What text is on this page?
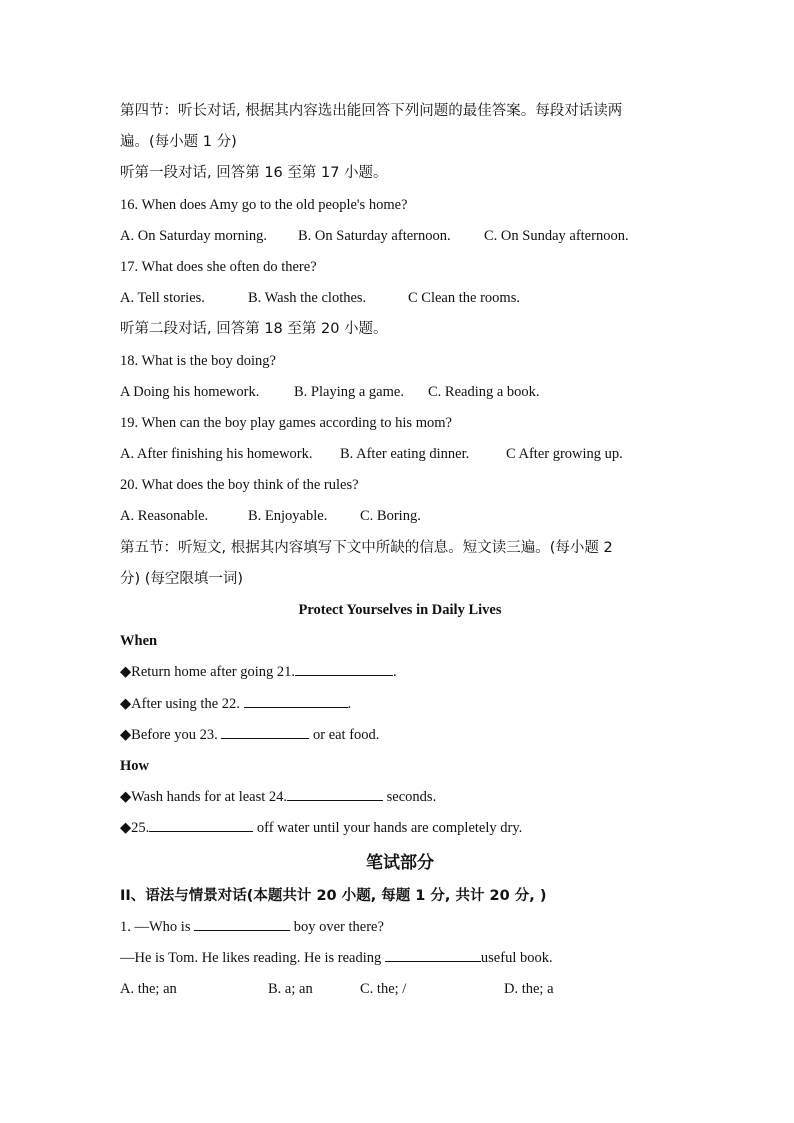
第四节：听长对话, 根据其内容选出能回答下列问题的最佳答案。每段对话读两
遍。(每小题 1 分)
听第一段对话, 回答第 16 至第 17 小题。
16. When does Amy go to the old people's home?
A. On Saturday morning. B. On Saturday afternoon. C. On Sunday afternoon.
17. What does she often do there?
A. Tell stories.	B. Wash the clothes.	C Clean the rooms.
听第二段对话, 回答第 18 至第 20 小题。
18. What is the boy doing?
A Doing his homework. B. Playing a game. C. Reading a book.
19. When can the boy play games according to his mom?
A. After finishing his homework. B. After eating dinner.	C After growing up.
20. What does the boy think of the rules?
A. Reasonable.	B. Enjoyable. C. Boring.
第五节：听短文, 根据其内容填写下文中所缺的信息。短文读三遍。(每小题 2
分) (每空限填一词)
Protect Yourselves in Daily Lives
When
◆Return home after going 21.	.
◆After using the 22.	.
◆Before you 23.	or eat food.
How
◆Wash hands for at least 24.	seconds.
◆25.	off water until your hands are completely dry.
笔试部分
II、语法与情景对话(本题共计 20 小题, 每题 1 分, 共计 20 分, )
1. —Who is	boy over there?
—He is Tom. He likes reading. He is reading	useful book.
A. the; an	B. a; an	C. the; /	D. the; a
